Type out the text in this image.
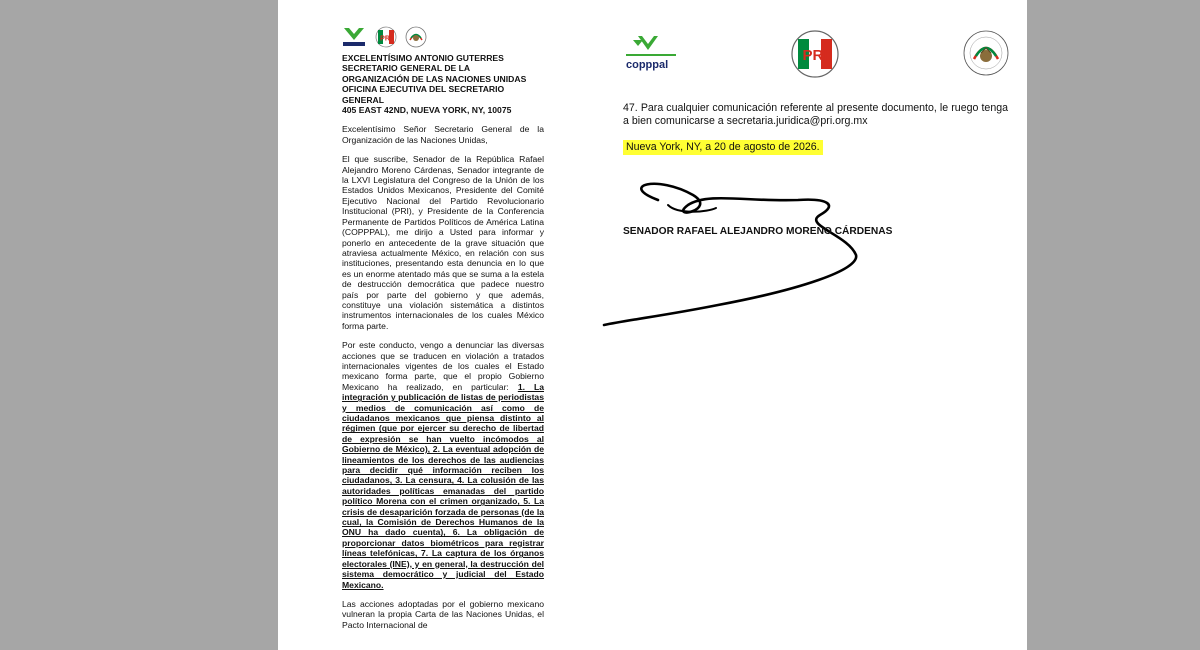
PRI
copppal
PRI
EXCELENTÍSIMO ANTONIO GUTERRES
SECRETARIO GENERAL DE LA
ORGANIZACIÓN DE LAS NACIONES UNIDAS
OFICINA EJECUTIVA DEL SECRETARIO
GENERAL
405 EAST 42ND, NUEVA YORK, NY, 10075
Excelentísimo Señor Secretario General de la Organización de las Naciones Unidas,
El que suscribe, Senador de la República Rafael Alejandro Moreno Cárdenas, Senador integrante de la LXVI Legislatura del Congreso de la Unión de los Estados Unidos Mexicanos, Presidente del Comité Ejecutivo Nacional del Partido Revolucionario Institucional (PRI), y Presidente de la Conferencia Permanente de Partidos Políticos de América Latina (COPPPAL), me dirijo a Usted para informar y ponerlo en antecedente de la grave situación que atraviesa actualmente México, en relación con sus instituciones, presentando esta denuncia en lo que es un enorme atentado más que se suma a la estela de destrucción democrática que padece nuestro país por parte del gobierno y que además, constituye una violación sistemática a distintos instrumentos internacionales de los cuales México forma parte.
Por este conducto, vengo a denunciar las diversas acciones que se traducen en violación a tratados internacionales vigentes de los cuales el Estado mexicano forma parte, que el propio Gobierno Mexicano ha realizado, en particular: 1. La integración y publicación de listas de periodistas y medios de comunicación así como de ciudadanos mexicanos que piensa distinto al régimen (que por ejercer su derecho de libertad de expresión se han vuelto incómodos al Gobierno de México), 2. La eventual adopción de lineamientos de los derechos de las audiencias para decidir qué información reciben los ciudadanos, 3. La censura, 4. La colusión de las autoridades políticas emanadas del partido político Morena con el crimen organizado, 5. La crisis de desaparición forzada de personas (de la cual, la Comisión de Derechos Humanos de la ONU ha dado cuenta), 6. La obligación de proporcionar datos biométricos para registrar líneas telefónicas, 7. La captura de los órganos electorales (INE), y en general, la destrucción del sistema democrático y judicial del Estado Mexicano.
Las acciones adoptadas por el gobierno mexicano vulneran la propia Carta de las Naciones Unidas, el Pacto Internacional de
47. Para cualquier comunicación referente al presente documento, le ruego tenga a bien comunicarse a secretaria.juridica@pri.org.mx
Nueva York, NY, a 20 de agosto de 2026.
SENADOR RAFAEL ALEJANDRO MORENO CÁRDENAS
